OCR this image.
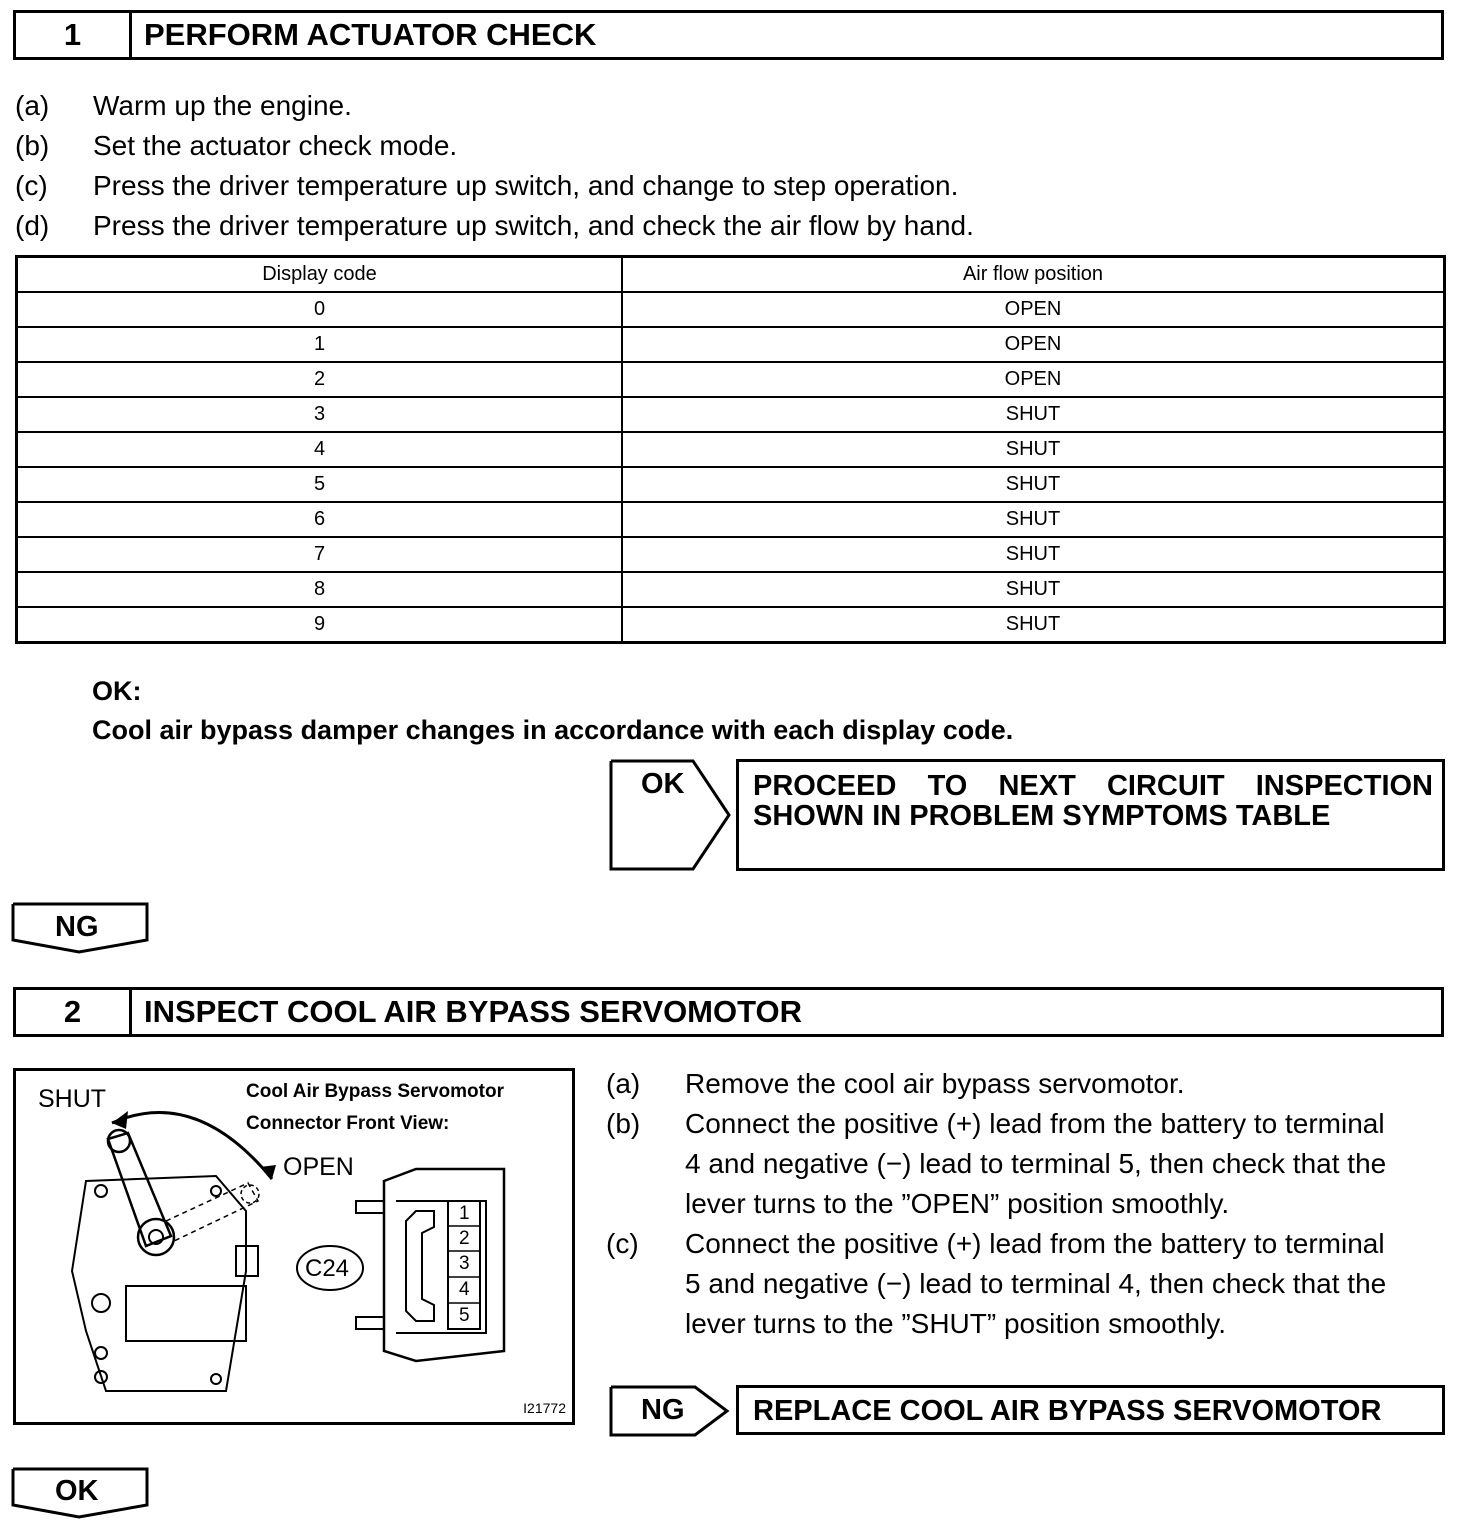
1	PERFORM ACTUATOR CHECK
(a)	Warm up the engine.
(b)	Set the actuator check mode.
(c)	Press the driver temperature up switch, and change to step operation.
(d)	Press the driver temperature up switch, and check the air flow by hand.
Display code	Air flow position
0	OPEN
1	OPEN
2	OPEN
3	SHUT
4	SHUT
5	SHUT
6	SHUT
7	SHUT
8	SHUT
9	SHUT
OK:
Cool air bypass damper changes in accordance with each display code.
OK PROCEED TO NEXT CIRCUIT INSPECTION
SHOWN IN PROBLEM SYMPTOMS TABLE
NG
2	INSPECT COOL AIR BYPASS SERVOMOTOR
SHUT
OPEN
Cool Air Bypass Servomotor
Connector Front View:
C24
1
2
3
4
5
I21772
(a)	Remove the cool air bypass servomotor.
(b)	Connect the positive (+) lead from the battery to terminal
4 and negative (−) lead to terminal 5, then check that the
lever turns to the ”OPEN” position smoothly.
(c)	Connect the positive (+) lead from the battery to terminal
5 and negative (−) lead to terminal 4, then check that the
lever turns to the ”SHUT” position smoothly.
NG REPLACE COOL AIR BYPASS SERVOMOTOR
OK
